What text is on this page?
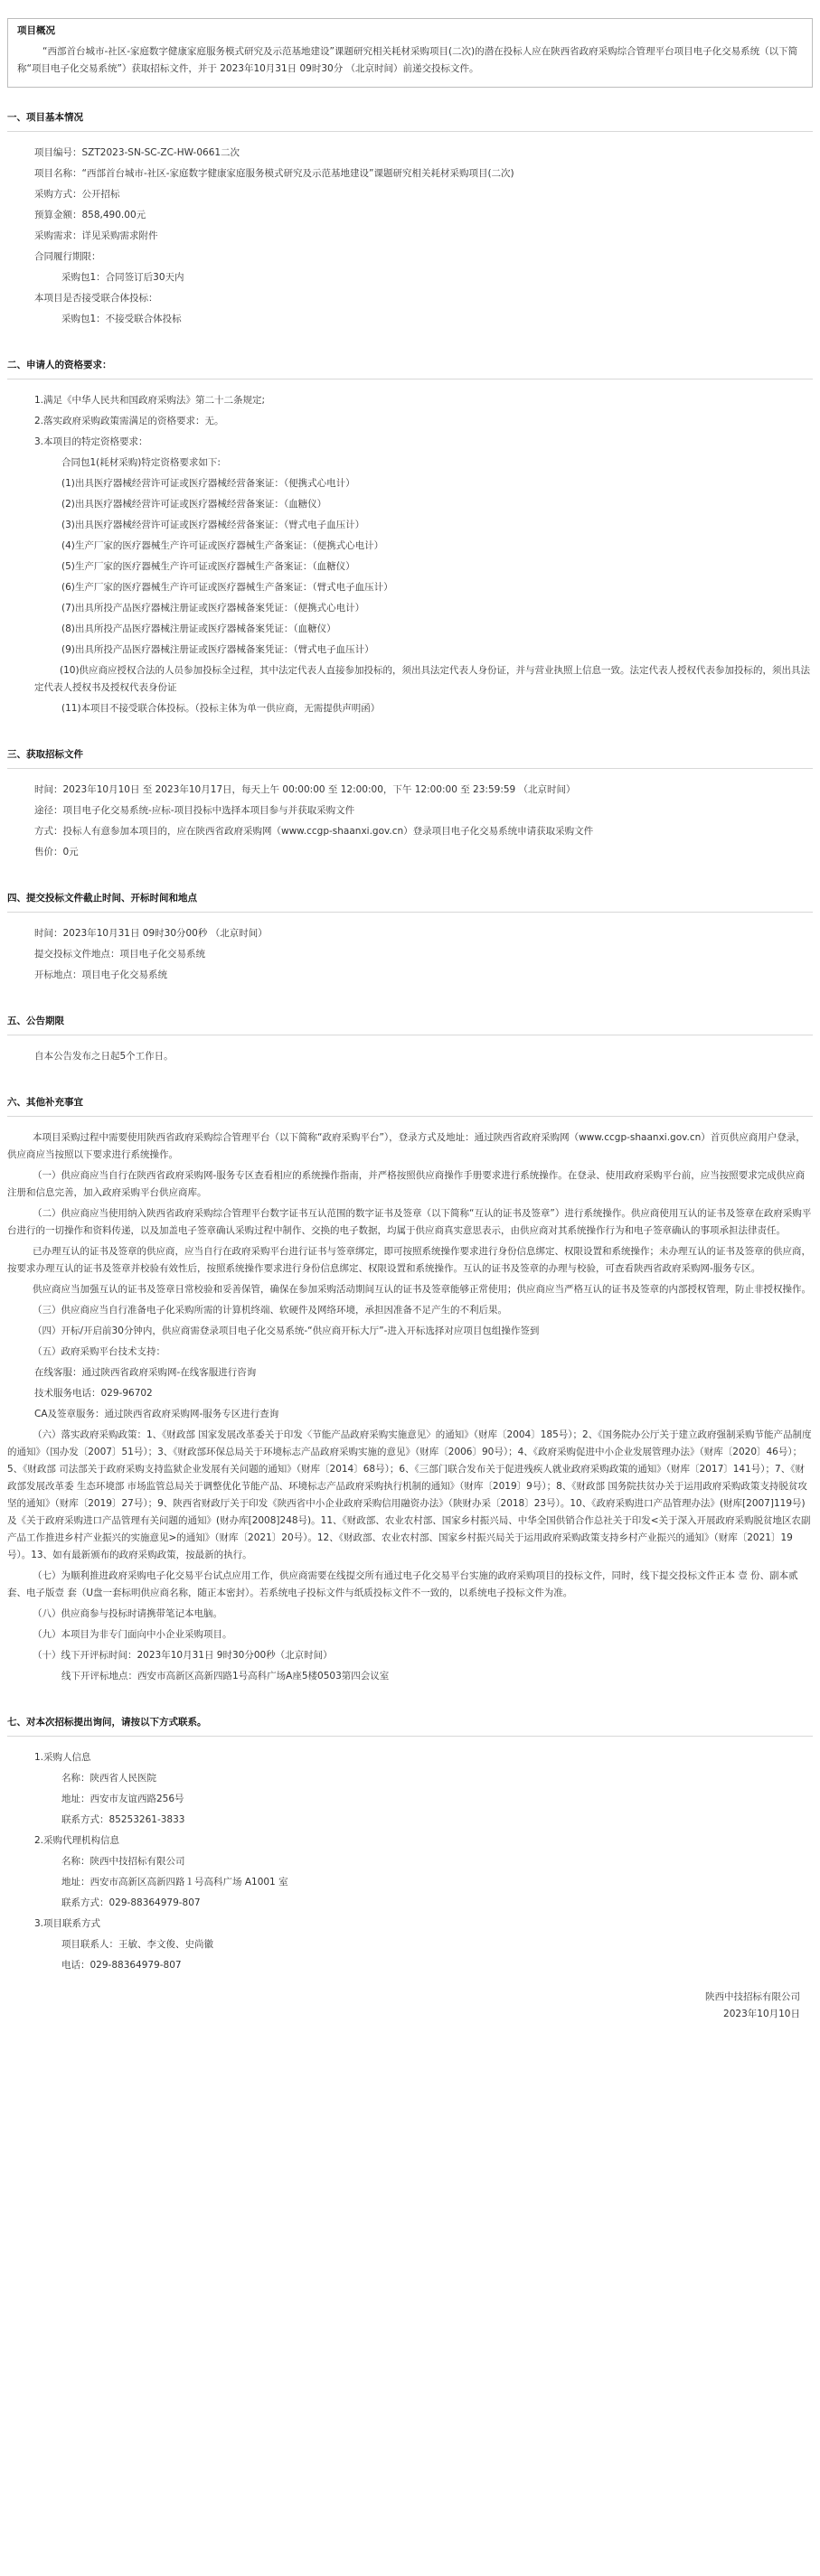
项目概况
“西部首台城市-社区-家庭数字健康家庭服务模式研究及示范基地建设”课题研究相关耗材采购项目(二次)的潜在投标人应在陕西省政府采购综合管理平台项目电子化交易系统（以下简称“项目电子化交易系统”）获取招标文件，并于 2023年10月31日 09时30分 （北京时间）前递交投标文件。
一、项目基本情况
项目编号：SZT2023-SN-SC-ZC-HW-0661二次
项目名称：“西部首台城市-社区-家庭数字健康家庭服务模式研究及示范基地建设”课题研究相关耗材采购项目(二次)
采购方式：公开招标
预算金额：858,490.00元
采购需求：详见采购需求附件
合同履行期限：
采购包1：合同签订后30天内
本项目是否接受联合体投标：
采购包1：不接受联合体投标
二、申请人的资格要求：
1.满足《中华人民共和国政府采购法》第二十二条规定;
2.落实政府采购政策需满足的资格要求：无。
3.本项目的特定资格要求：
合同包1(耗材采购)特定资格要求如下:
(1)出具医疗器械经营许可证或医疗器械经营备案证：（便携式心电计）
(2)出具医疗器械经营许可证或医疗器械经营备案证：（血糖仪）
(3)出具医疗器械经营许可证或医疗器械经营备案证：（臂式电子血压计）
(4)生产厂家的医疗器械生产许可证或医疗器械生产备案证：（便携式心电计）
(5)生产厂家的医疗器械生产许可证或医疗器械生产备案证：（血糖仪）
(6)生产厂家的医疗器械生产许可证或医疗器械生产备案证：（臂式电子血压计）
(7)出具所投产品医疗器械注册证或医疗器械备案凭证：（便携式心电计）
(8)出具所投产品医疗器械注册证或医疗器械备案凭证：（血糖仪）
(9)出具所投产品医疗器械注册证或医疗器械备案凭证：（臂式电子血压计）
(10)供应商应授权合法的人员参加投标全过程，其中法定代表人直接参加投标的，须出具法定代表人身份证，并与营业执照上信息一致。法定代表人授权代表参加投标的，须出具法定代表人授权书及授权代表身份证
(11)本项目不接受联合体投标。（投标主体为单一供应商，无需提供声明函）
三、获取招标文件
时间：2023年10月10日 至 2023年10月17日，每天上午 00:00:00 至 12:00:00，下午 12:00:00 至 23:59:59 （北京时间）
途径：项目电子化交易系统-应标-项目投标中选择本项目参与并获取采购文件
方式：投标人有意参加本项目的，应在陕西省政府采购网（www.ccgp-shaanxi.gov.cn）登录项目电子化交易系统申请获取采购文件
售价：0元
四、提交投标文件截止时间、开标时间和地点
时间：2023年10月31日 09时30分00秒 （北京时间）
提交投标文件地点：项目电子化交易系统
开标地点：项目电子化交易系统
五、公告期限
自本公告发布之日起5个工作日。
六、其他补充事宜
本项目采购过程中需要使用陕西省政府采购综合管理平台（以下简称“政府采购平台”），登录方式及地址：通过陕西省政府采购网（www.ccgp-shaanxi.gov.cn）首页供应商用户登录，供应商应当按照以下要求进行系统操作。
（一）供应商应当自行在陕西省政府采购网-服务专区查看相应的系统操作指南，并严格按照供应商操作手册要求进行系统操作。在登录、使用政府采购平台前，应当按照要求完成供应商注册和信息完善，加入政府采购平台供应商库。
（二）供应商应当使用纳入陕西省政府采购综合管理平台数字证书互认范围的数字证书及签章（以下简称“互认的证书及签章”）进行系统操作。供应商使用互认的证书及签章在政府采购平台进行的一切操作和资料传递，以及加盖电子签章确认采购过程中制作、交换的电子数据，均属于供应商真实意思表示，由供应商对其系统操作行为和电子签章确认的事项承担法律责任。
已办理互认的证书及签章的供应商，应当自行在政府采购平台进行证书与签章绑定，即可按照系统操作要求进行身份信息绑定、权限设置和系统操作；未办理互认的证书及签章的供应商，按要求办理互认的证书及签章并校验有效性后，按照系统操作要求进行身份信息绑定、权限设置和系统操作。互认的证书及签章的办理与校验，可查看陕西省政府采购网-服务专区。
供应商应当加强互认的证书及签章日常校验和妥善保管，确保在参加采购活动期间互认的证书及签章能够正常使用；供应商应当严格互认的证书及签章的内部授权管理，防止非授权操作。
（三）供应商应当自行准备电子化采购所需的计算机终端、软硬件及网络环境，承担因准备不足产生的不利后果。
（四）开标/开启前30分钟内，供应商需登录项目电子化交易系统-“供应商开标大厅”-进入开标选择对应项目包组操作签到
（五）政府采购平台技术支持：
在线客服：通过陕西省政府采购网-在线客服进行咨询
技术服务电话：029-96702
CA及签章服务：通过陕西省政府采购网-服务专区进行查询
（六）落实政府采购政策：1、《财政部 国家发展改革委关于印发〈节能产品政府采购实施意见〉的通知》（财库〔2004〕185号）；2、《国务院办公厅关于建立政府强制采购节能产品制度的通知》（国办发〔2007〕51号）；3、《财政部环保总局关于环境标志产品政府采购实施的意见》（财库〔2006〕90号）；4、《政府采购促进中小企业发展管理办法》（财库〔2020〕46号）；5、《财政部 司法部关于政府采购支持监狱企业发展有关问题的通知》（财库〔2014〕68号）；6、《三部门联合发布关于促进残疾人就业政府采购政策的通知》（财库〔2017〕141号）；7、《财政部发展改革委 生态环境部 市场监管总局关于调整优化节能产品、环境标志产品政府采购执行机制的通知》（财库〔2019〕9号）；8、《财政部 国务院扶贫办关于运用政府采购政策支持脱贫攻坚的通知》（财库〔2019〕27号）；9、陕西省财政厅关于印发《陕西省中小企业政府采购信用融资办法》（陕财办采〔2018〕23号）。10、《政府采购进口产品管理办法》(财库[2007]119号)及《关于政府采购进口产品管理有关问题的通知》(财办库[2008]248号)。11、《财政部、农业农村部、国家乡村振兴局、中华全国供销合作总社关于印发<关于深入开展政府采购脱贫地区农副产品工作推进乡村产业振兴的实施意见>的通知》（财库〔2021〕20号）。12、《财政部、农业农村部、国家乡村振兴局关于运用政府采购政策支持乡村产业振兴的通知》（财库〔2021〕19号）。13、如有最新颁布的政府采购政策，按最新的执行。
（七）为顺利推进政府采购电子化交易平台试点应用工作，供应商需要在线提交所有通过电子化交易平台实施的政府采购项目的投标文件，同时，线下提交投标文件正本 壹 份、副本贰 套、电子版壹 套（U盘一套标明供应商名称，随正本密封）。若系统电子投标文件与纸质投标文件不一致的，以系统电子投标文件为准。
（八）供应商参与投标时请携带笔记本电脑。
（九）本项目为非专门面向中小企业采购项目。
（十）线下开评标时间：2023年10月31日 9时30分00秒（北京时间）
线下开评标地点：西安市高新区高新四路1号高科广场A座5楼0503第四会议室
七、对本次招标提出询问，请按以下方式联系。
1.采购人信息
名称：陕西省人民医院
地址：西安市友谊西路256号
联系方式：85253261-3833
2.采购代理机构信息
名称：陕西中技招标有限公司
地址：西安市高新区高新四路１号高科广场 A1001 室
联系方式：029-88364979-807
3.项目联系方式
项目联系人：王敏、李文俊、史尚徽
电话：029-88364979-807
陕西中技招标有限公司
2023年10月10日
